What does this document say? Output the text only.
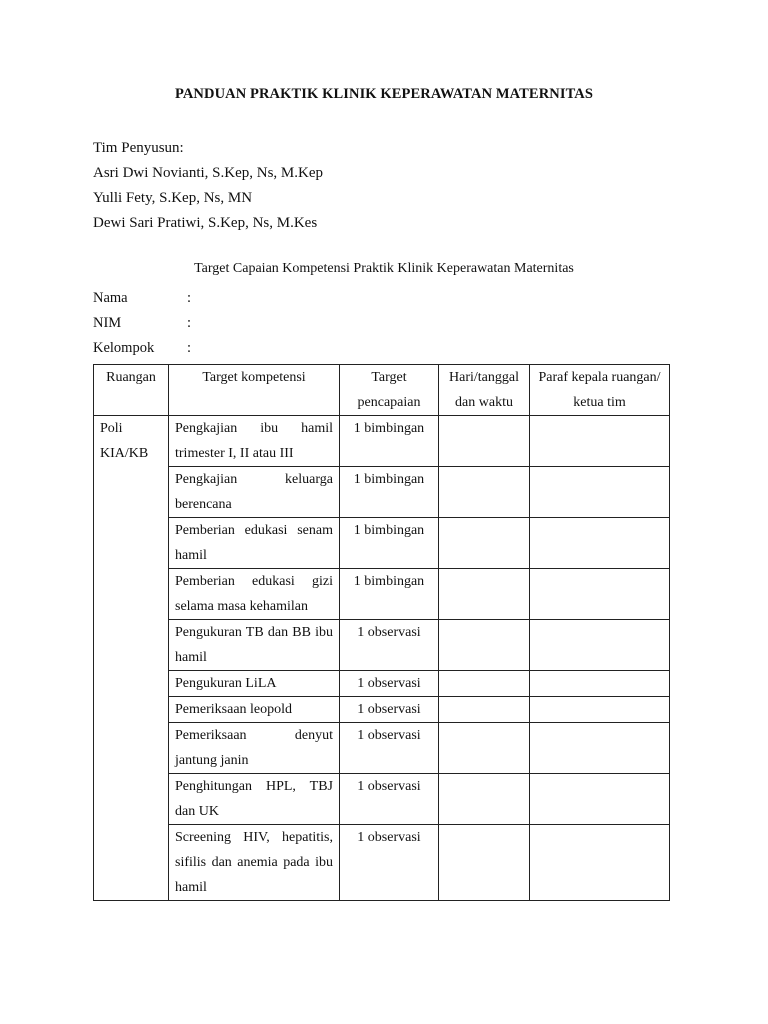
PANDUAN PRAKTIK KLINIK KEPERAWATAN MATERNITAS
Tim Penyusun:
Asri Dwi Novianti, S.Kep, Ns, M.Kep
Yulli Fety, S.Kep, Ns, MN
Dewi Sari Pratiwi, S.Kep, Ns, M.Kes
Target Capaian Kompetensi Praktik Klinik Keperawatan Maternitas
Nama	:
NIM	:
Kelompok	:
Ruangan	Target kompetensi	Target pencapaian	Hari/tanggal dan waktu	Paraf kepala ruangan/ ketua tim
Poli KIA/KB	Pengkajian ibu hamil trimester I, II atau III	1 bimbingan		
	Pengkajian keluarga berencana	1 bimbingan		
	Pemberian edukasi senam hamil	1 bimbingan		
	Pemberian edukasi gizi selama masa kehamilan	1 bimbingan		
	Pengukuran TB dan BB ibu hamil	1 observasi		
	Pengukuran LiLA	1 observasi		
	Pemeriksaan leopold	1 observasi		
	Pemeriksaan denyut jantung janin	1 observasi		
	Penghitungan HPL, TBJ dan UK	1 observasi		
	Screening HIV, hepatitis, sifilis dan anemia pada ibu hamil	1 observasi		
